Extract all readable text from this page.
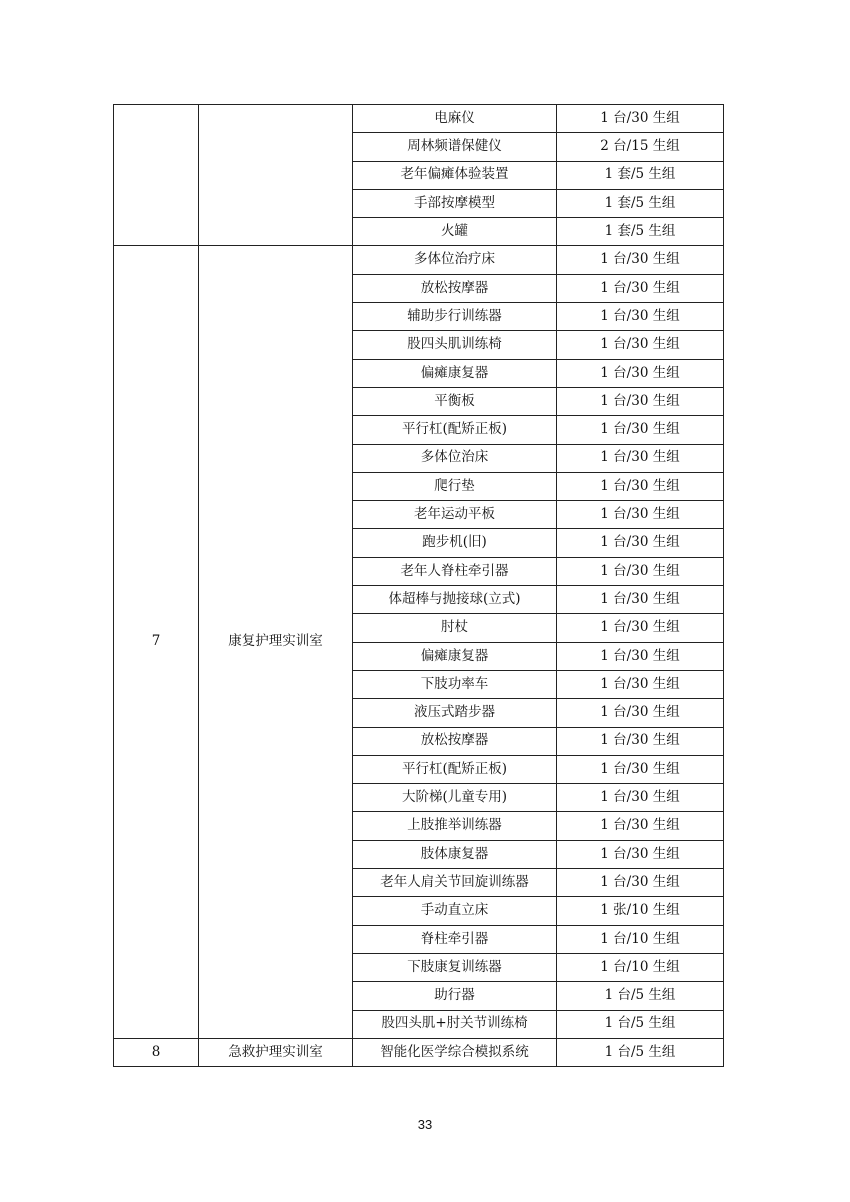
		电麻仪	1 台/30 生组
		周林频谱保健仪	2 台/15 生组
		老年偏瘫体验装置	1 套/5 生组
		手部按摩模型	1 套/5 生组
		火罐	1 套/5 生组
7	康复护理实训室	多体位治疗床	1 台/30 生组
		放松按摩器	1 台/30 生组
		辅助步行训练器	1 台/30 生组
		股四头肌训练椅	1 台/30 生组
		偏瘫康复器	1 台/30 生组
		平衡板	1 台/30 生组
		平行杠(配矫正板)	1 台/30 生组
		多体位治床	1 台/30 生组
		爬行垫	1 台/30 生组
		老年运动平板	1 台/30 生组
		跑步机(旧)	1 台/30 生组
		老年人脊柱牵引器	1 台/30 生组
		体超棒与抛接球(立式)	1 台/30 生组
		肘杖	1 台/30 生组
		偏瘫康复器	1 台/30 生组
		下肢功率车	1 台/30 生组
		液压式踏步器	1 台/30 生组
		放松按摩器	1 台/30 生组
		平行杠(配矫正板)	1 台/30 生组
		大阶梯(儿童专用)	1 台/30 生组
		上肢推举训练器	1 台/30 生组
		肢体康复器	1 台/30 生组
		老年人肩关节回旋训练器	1 台/30 生组
		手动直立床	1 张/10 生组
		脊柱牵引器	1 台/10 生组
		下肢康复训练器	1 台/10 生组
		助行器	1 台/5 生组
		股四头肌+肘关节训练椅	1 台/5 生组
8	急救护理实训室	智能化医学综合模拟系统	1 台/5 生组
33
